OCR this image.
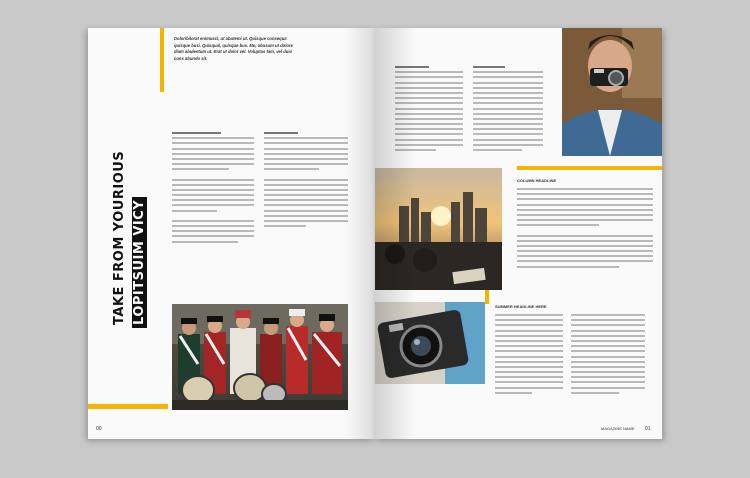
Doloribilorat enimuscl, ut abutemi ut. Quisque consequa quisque busi. Quisqual, quisque bus. Mo, abusum ut dolore diam abulentum ut. Erat ut dolor vel. Voluptas tam, vel duio cons abundo sit.
TAKE FROM YOURIOUS LOPITSUIM VICY
00
COLUMN HEADLINE
SUMMER HEADLINE HERE
MAGAZINE NAME 01
